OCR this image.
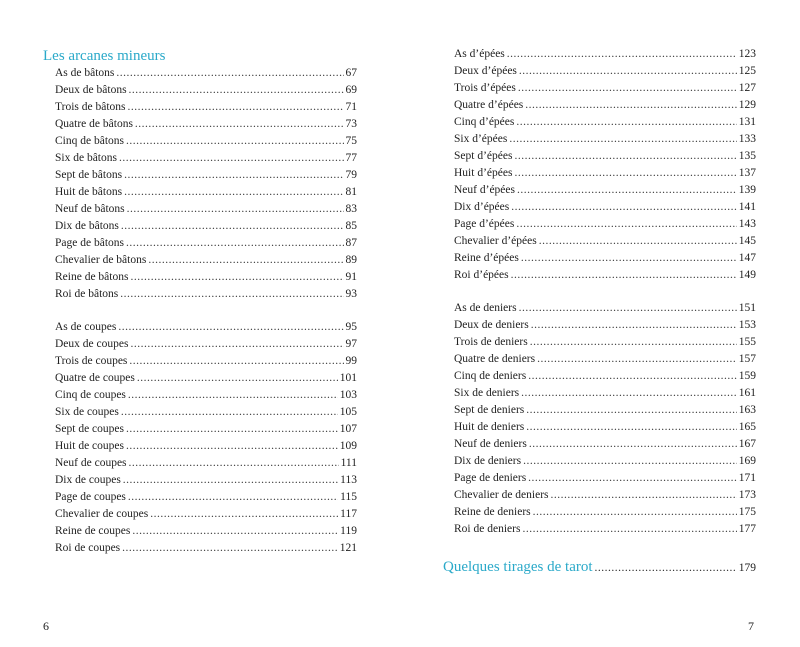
Les arcanes mineurs
As de bâtons .....	67
Deux de bâtons .....	69
Trois de bâtons .....	71
Quatre de bâtons .....	73
Cinq de bâtons .....	75
Six de bâtons .....	77
Sept de bâtons .....	79
Huit de bâtons .....	81
Neuf de bâtons .....	83
Dix de bâtons .....	85
Page de bâtons .....	87
Chevalier de bâtons .....	89
Reine de bâtons .....	91
Roi de bâtons .....	93
As de coupes .....	95
Deux de coupes .....	97
Trois de coupes .....	99
Quatre de coupes .....	101
Cinq de coupes .....	103
Six de coupes .....	105
Sept de coupes .....	107
Huit de coupes .....	109
Neuf de coupes .....	111
Dix de coupes .....	113
Page de coupes .....	115
Chevalier de coupes .....	117
Reine de coupes .....	119
Roi de coupes .....	121
6
As d’épées .....	123
Deux d’épées .....	125
Trois d’épées .....	127
Quatre d’épées .....	129
Cinq d’épées .....	131
Six d’épées .....	133
Sept d’épées .....	135
Huit d’épées .....	137
Neuf d’épées .....	139
Dix d’épées .....	141
Page d’épées .....	143
Chevalier d’épées .....	145
Reine d’épées .....	147
Roi d’épées .....	149
As de deniers .....	151
Deux de deniers .....	153
Trois de deniers .....	155
Quatre de deniers .....	157
Cinq de deniers .....	159
Six de deniers .....	161
Sept de deniers .....	163
Huit de deniers .....	165
Neuf de deniers .....	167
Dix de deniers .....	169
Page de deniers .....	171
Chevalier de deniers .....	173
Reine de deniers .....	175
Roi de deniers .....	177
Quelques tirages de tarot .....	179
7
